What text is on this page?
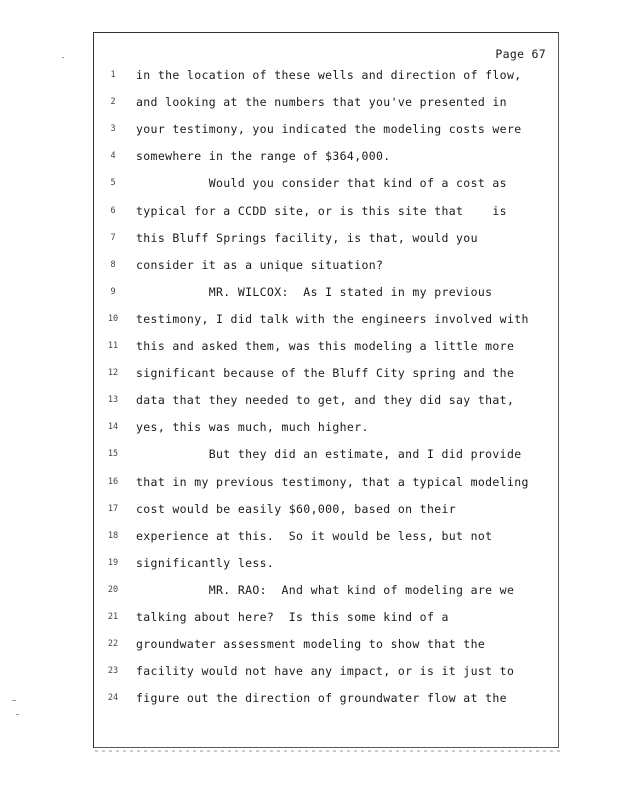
Page 67
1	in the location of these wells and direction of flow,
2	and looking at the numbers that you've presented in
3	your testimony, you indicated the modeling costs were
4	somewhere in the range of $364,000.
5	Would you consider that kind of a cost as
6	typical for a CCDD site, or is this site that    is
7	this Bluff Springs facility, is that, would you
8	consider it as a unique situation?
9	MR. WILCOX:  As I stated in my previous
10	testimony, I did talk with the engineers involved with
11	this and asked them, was this modeling a little more
12	significant because of the Bluff City spring and the
13	data that they needed to get, and they did say that,
14	yes, this was much, much higher.
15	But they did an estimate, and I did provide
16	that in my previous testimony, that a typical modeling
17	cost would be easily $60,000, based on their
18	experience at this.  So it would be less, but not
19	significantly less.
20	MR. RAO:  And what kind of modeling are we
21	talking about here?  Is this some kind of a
22	groundwater assessment modeling to show that the
23	facility would not have any impact, or is it just to
24	figure out the direction of groundwater flow at the
